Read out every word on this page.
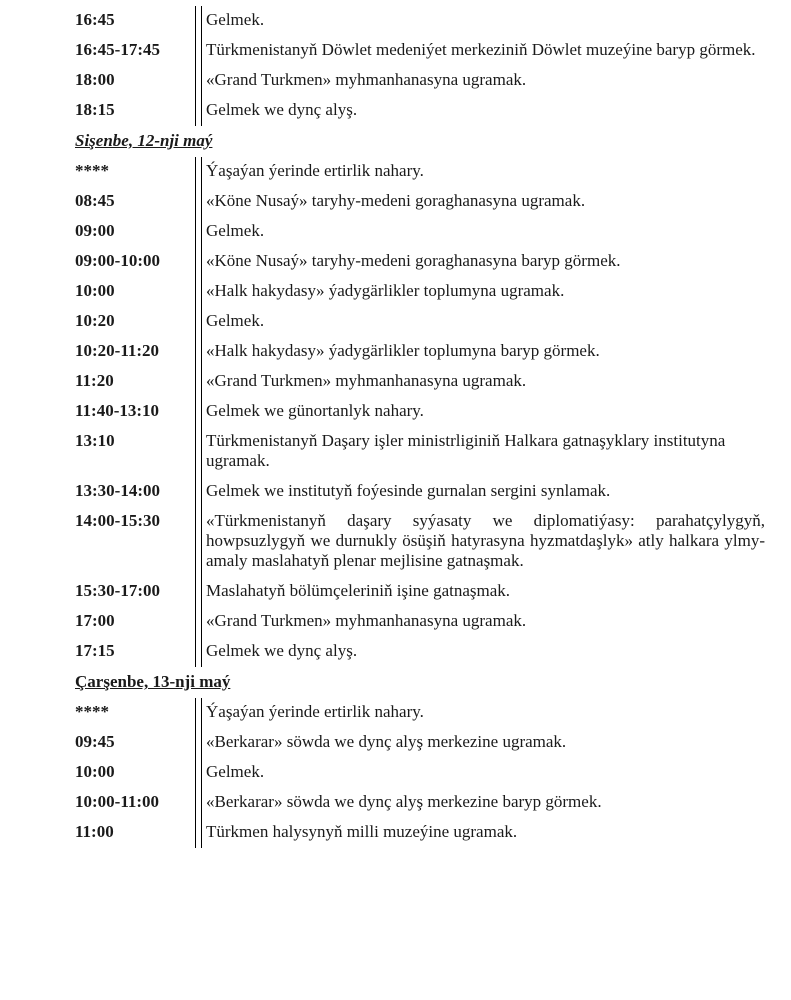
16:45	Gelmek.
16:45-17:45	Türkmenistanyň Döwlet medeniýet merkeziniň Döwlet muzeýine baryp görmek.
18:00	«Grand Turkmen» myhmanhanasyna ugramak.
18:15	Gelmek we dynç alyş.
Sişenbe, 12-nji maý
****	Ýaşaýan ýerinde ertirlik nahary.
08:45	«Köne Nusaý» taryhy-medeni goraghanasyna ugramak.
09:00	Gelmek.
09:00-10:00	«Köne Nusaý» taryhy-medeni goraghanasyna baryp görmek.
10:00	«Halk hakydasy» ýadygärlikler toplumyna ugramak.
10:20	Gelmek.
10:20-11:20	«Halk hakydasy» ýadygärlikler toplumyna baryp görmek.
11:20	«Grand Turkmen» myhmanhanasyna ugramak.
11:40-13:10	Gelmek we günortanlyk nahary.
13:10	Türkmenistanyň Daşary işler ministrliginiň Halkara gatnaşyklary institutyna ugramak.
13:30-14:00	Gelmek we institutyň foýesinde gurnalan sergini synlamak.
14:00-15:30	«Türkmenistanyň daşary syýasaty we diplomatiýasy: parahatçylygyň, howpsuzlygyň we durnukly ösüşiň hatyrasyna hyzmatdaşlyk» atly halkara ylmy-amaly maslahatyň plenar mejlisine gatnaşmak.
15:30-17:00	Maslahatyň bölümçeleriniň işine gatnaşmak.
17:00	«Grand Turkmen» myhmanhanasyna ugramak.
17:15	Gelmek we dynç alyş.
Çarşenbe, 13-nji maý
****	Ýaşaýan ýerinde ertirlik nahary.
09:45	«Berkarar» söwda we dynç alyş merkezine ugramak.
10:00	Gelmek.
10:00-11:00	«Berkarar» söwda we dynç alyş merkezine baryp görmek.
11:00	Türkmen halysynyň milli muzeýine ugramak.
